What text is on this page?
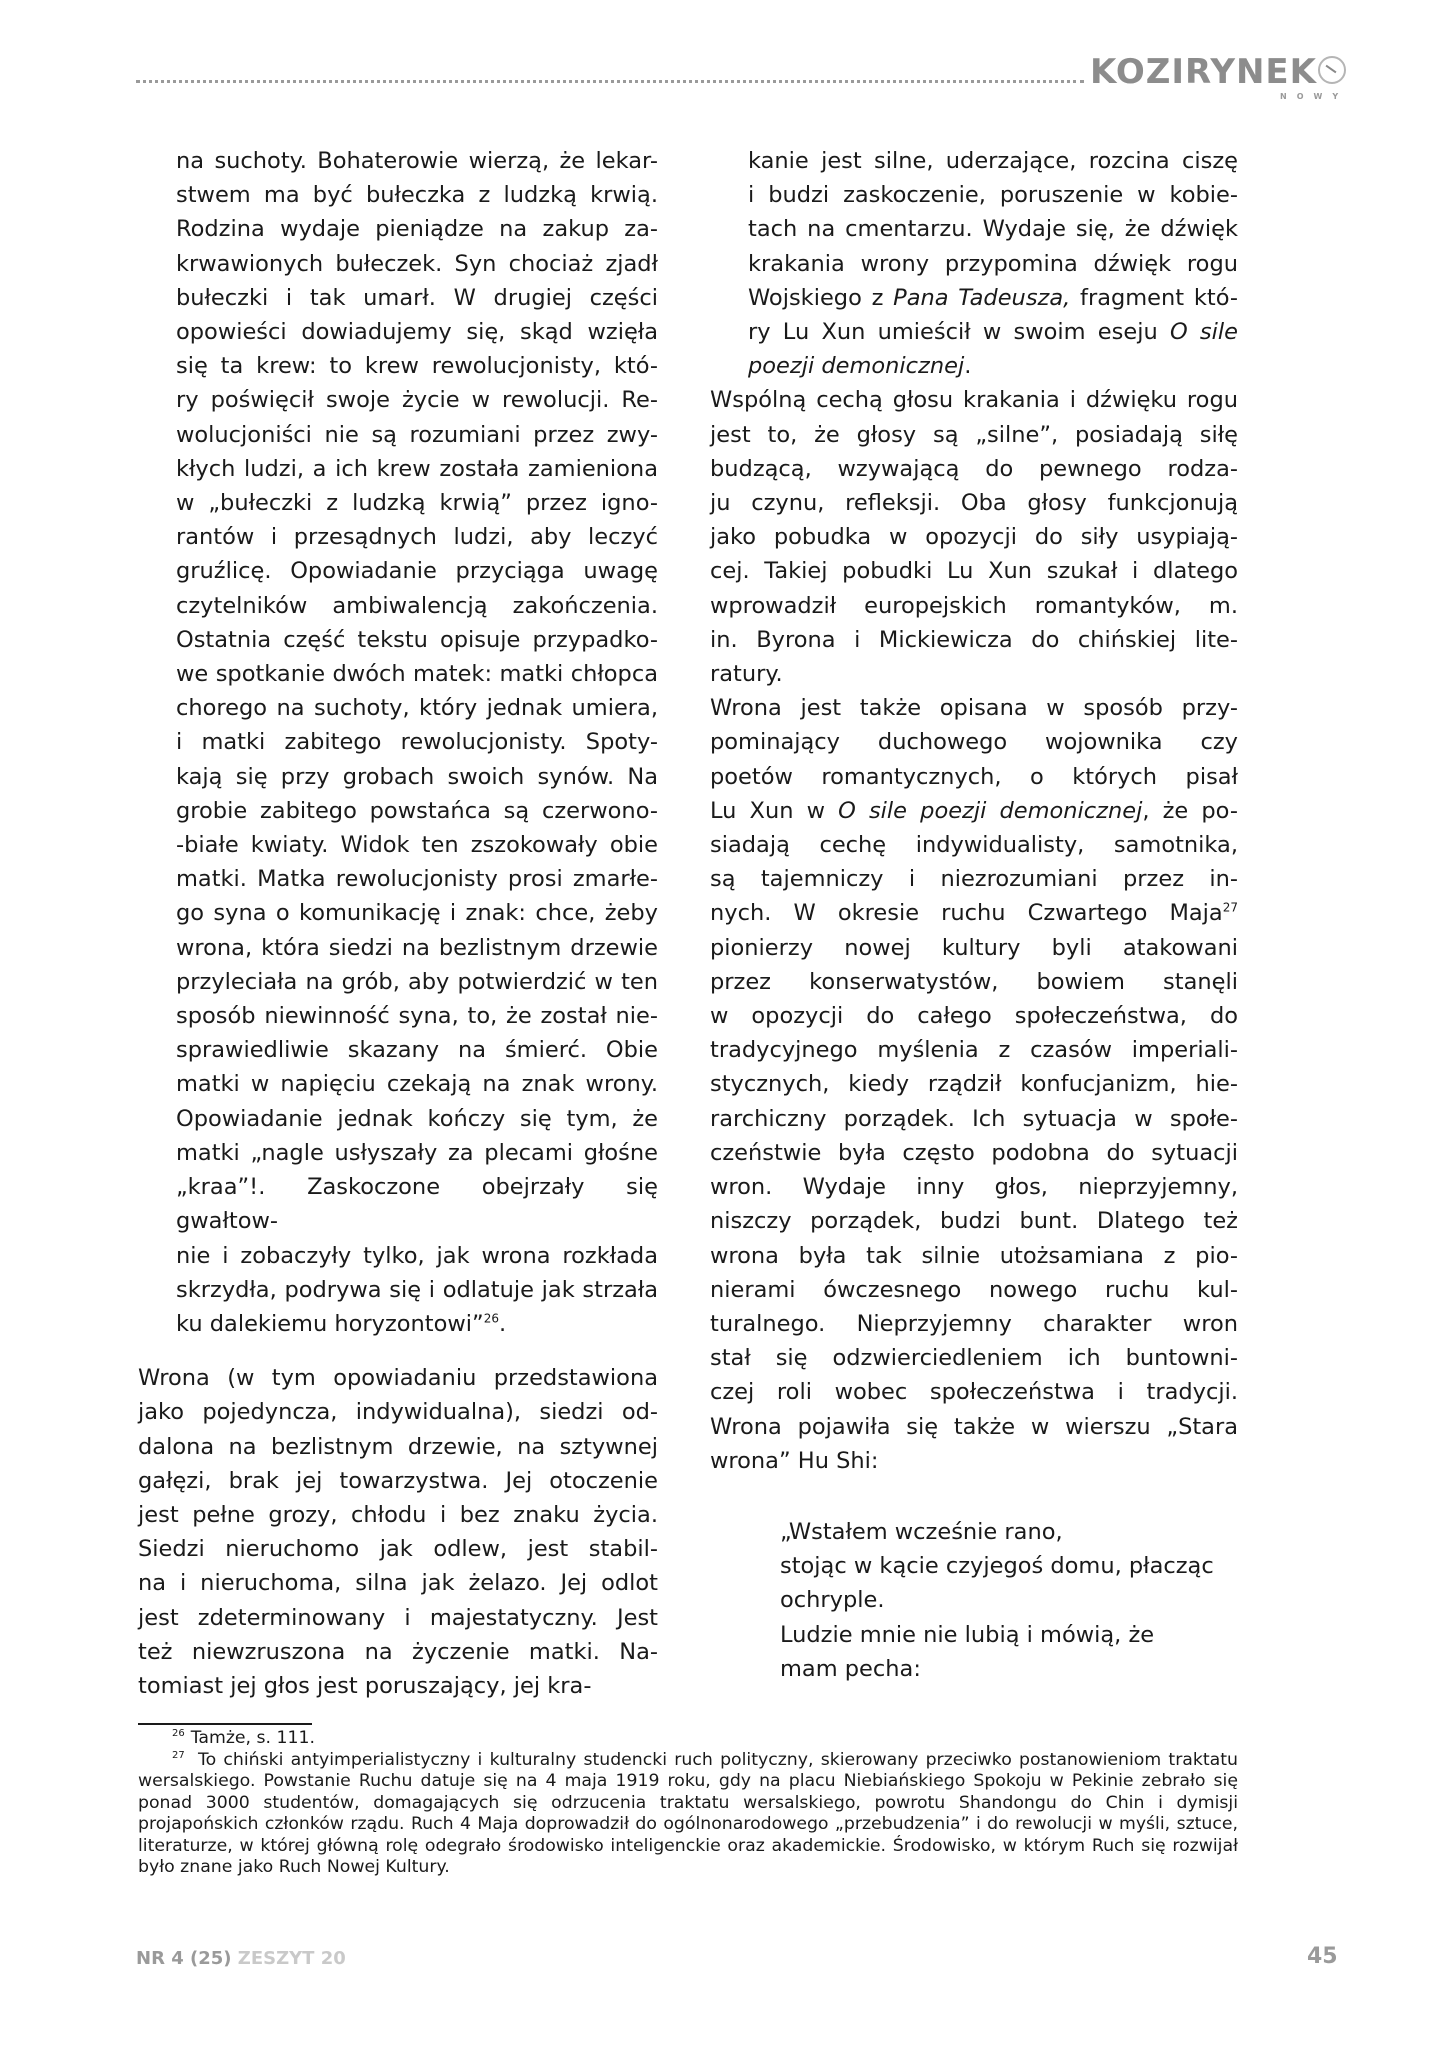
KOZIRYNEK
NOWY

na suchoty. Bohaterowie wierzą, że lekar-
stwem ma być bułeczka z ludzką krwią.
Rodzina wydaje pieniądze na zakup za-
krwawionych bułeczek. Syn chociaż zjadł
bułeczki i tak umarł. W drugiej części
opowieści dowiadujemy się, skąd wzięła
się ta krew: to krew rewolucjonisty, któ-
ry poświęcił swoje życie w rewolucji. Re-
wolucjoniści nie są rozumiani przez zwy-
kłych ludzi, a ich krew została zamieniona
w „bułeczki z ludzką krwią” przez igno-
rantów i przesądnych ludzi, aby leczyć
gruźlicę. Opowiadanie przyciąga uwagę
czytelników ambiwalencją zakończenia.
Ostatnia część tekstu opisuje przypadko-
we spotkanie dwóch matek: matki chłopca
chorego na suchoty, który jednak umiera,
i matki zabitego rewolucjonisty. Spoty-
kają się przy grobach swoich synów. Na
grobie zabitego powstańca są czerwono-
-białe kwiaty. Widok ten zszokowały obie
matki. Matka rewolucjonisty prosi zmarłe-
go syna o komunikację i znak: chce, żeby
wrona, która siedzi na bezlistnym drzewie
przyleciała na grób, aby potwierdzić w ten
sposób niewinność syna, to, że został nie-
sprawiedliwie skazany na śmierć. Obie
matki w napięciu czekają na znak wrony.
Opowiadanie jednak kończy się tym, że
matki „nagle usłyszały za plecami głośne
„kraa”!. Zaskoczone obejrzały się gwałtow-
nie i zobaczyły tylko, jak wrona rozkłada
skrzydła, podrywa się i odlatuje jak strzała
ku dalekiemu horyzontowi”$^{26}$.

Wrona (w tym opowiadaniu przedstawiona
jako pojedyncza, indywidualna), siedzi od-
dalona na bezlistnym drzewie, na sztywnej
gałęzi, brak jej towarzystwa. Jej otoczenie
jest pełne grozy, chłodu i bez znaku życia.
Siedzi nieruchomo jak odlew, jest stabil-
na i nieruchoma, silna jak żelazo. Jej odlot
jest zdeterminowany i majestatyczny. Jest
też niewzruszona na życzenie matki. Na-
tomiast jej głos jest poruszający, jej kra-

kanie jest silne, uderzające, rozcina ciszę
i budzi zaskoczenie, poruszenie w kobie-
tach na cmentarzu. Wydaje się, że dźwięk
krakania wrony przypomina dźwięk rogu
Wojskiego z Pana Tadeusza, fragment któ-
ry Lu Xun umieścił w swoim eseju O sile
poezji demonicznej.

Wspólną cechą głosu krakania i dźwięku rogu
jest to, że głosy są „silne”, posiadają siłę
budzącą, wzywającą do pewnego rodza-
ju czynu, refleksji. Oba głosy funkcjonują
jako pobudka w opozycji do siły usypiają-
cej. Takiej pobudki Lu Xun szukał i dlatego
wprowadził europejskich romantyków, m.
in. Byrona i Mickiewicza do chińskiej lite-
ratury.

Wrona jest także opisana w sposób przy-
pominający duchowego wojownika czy
poetów romantycznych, o których pisał
Lu Xun w O sile poezji demonicznej, że po-
siadają cechę indywidualisty, samotnika,
są tajemniczy i niezrozumiani przez in-
nych. W okresie ruchu Czwartego Maja$^{27}$
pionierzy nowej kultury byli atakowani
przez konserwatystów, bowiem stanęli
w opozycji do całego społeczeństwa, do
tradycyjnego myślenia z czasów imperiali-
stycznych, kiedy rządził konfucjanizm, hie-
rarchiczny porządek. Ich sytuacja w społe-
czeństwie była często podobna do sytuacji
wron. Wydaje inny głos, nieprzyjemny,
niszczy porządek, budzi bunt. Dlatego też
wrona była tak silnie utożsamiana z pio-
nierami ówczesnego nowego ruchu kul-
turalnego. Nieprzyjemny charakter wron
stał się odzwierciedleniem ich buntowni-
czej roli wobec społeczeństwa i tradycji.
Wrona pojawiła się także w wierszu „Stara
wrona” Hu Shi:

„Wstałem wcześnie rano,
stojąc w kącie czyjegoś domu, płacząc
ochryple.
Ludzie mnie nie lubią i mówią, że
mam pecha:

$^{26}$ Tamże, s. 111.

$^{27}$ To chiński antyimperialistyczny i kulturalny studencki ruch polityczny, skierowany przeciwko postanowieniom traktatu wersalskiego. Powstanie Ruchu datuje się na 4 maja 1919 roku, gdy na placu Niebiańskiego Spokoju w Pekinie zebrało się ponad 3000 studentów, domagających się odrzucenia traktatu wersalskiego, powrotu Shandongu do Chin i dymisji projapońskich członków rządu. Ruch 4 Maja doprowadził do ogólnonarodowego „przebudzenia” i do rewolucji w myśli, sztuce, literaturze, w której główną rolę odegrało środowisko inteligenckie oraz akademickie. Środowisko, w którym Ruch się rozwijał było znane jako Ruch Nowej Kultury.

NR 4 (25) ZESZYT 20	45
